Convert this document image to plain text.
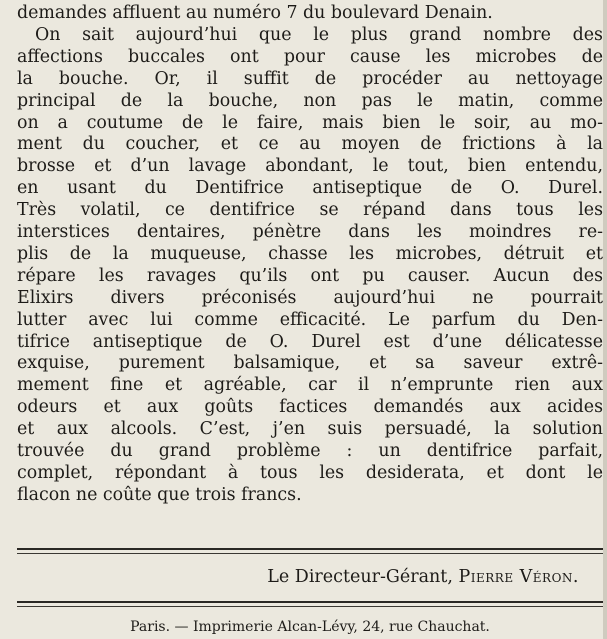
demandes affluent au numéro 7 du boulevard Denain.
On sait aujourd’hui que le plus grand nombre des
affections buccales ont pour cause les microbes de
la bouche. Or, il suffit de procéder au nettoyage
principal de la bouche, non pas le matin, comme
on a coutume de le faire, mais bien le soir, au mo-
ment du coucher, et ce au moyen de frictions à la
brosse et d’un lavage abondant, le tout, bien entendu,
en usant du Dentifrice antiseptique de O. Durel.
Très volatil, ce dentifrice se répand dans tous les
interstices dentaires, pénètre dans les moindres re-
plis de la muqueuse, chasse les microbes, détruit et
répare les ravages qu’ils ont pu causer. Aucun des
Elixirs divers préconisés aujourd’hui ne pourrait
lutter avec lui comme efficacité. Le parfum du Den-
tifrice antiseptique de O. Durel est d’une délicatesse
exquise, purement balsamique, et sa saveur extrê-
mement fine et agréable, car il n’emprunte rien aux
odeurs et aux goûts factices demandés aux acides
et aux alcools. C’est, j’en suis persuadé, la solution
trouvée du grand problème : un dentifrice parfait,
complet, répondant à tous les desiderata, et dont le
flacon ne coûte que trois francs.
Le Directeur-Gérant, Pierre Véron.
Paris. — Imprimerie Alcan-Lévy, 24, rue Chauchat.
